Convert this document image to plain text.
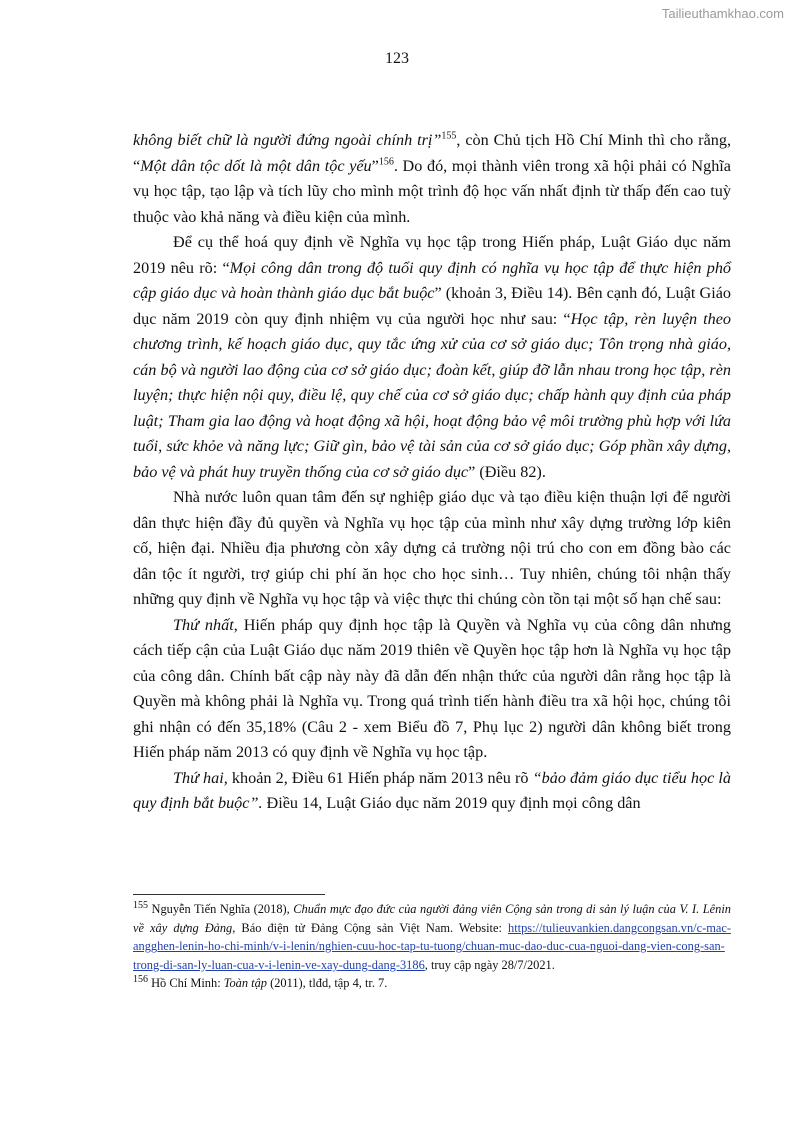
Tailieuthamkhao.com
123

không biết chữ là người đứng ngoài chính trị”$^{155}$, còn Chủ tịch Hồ Chí Minh thì cho rằng, “Một dân tộc dốt là một dân tộc yếu”$^{156}$. Do đó, mọi thành viên trong xã hội phải có Nghĩa vụ học tập, tạo lập và tích lũy cho mình một trình độ học vấn nhất định từ thấp đến cao tuỳ thuộc vào khả năng và điều kiện của mình.

Để cụ thể hoá quy định về Nghĩa vụ học tập trong Hiến pháp, Luật Giáo dục năm 2019 nêu rõ: “Mọi công dân trong độ tuổi quy định có nghĩa vụ học tập để thực hiện phổ cập giáo dục và hoàn thành giáo dục bắt buộc” (khoản 3, Điều 14). Bên cạnh đó, Luật Giáo dục năm 2019 còn quy định nhiệm vụ của người học như sau: “Học tập, rèn luyện theo chương trình, kế hoạch giáo dục, quy tắc ứng xử của cơ sở giáo dục; Tôn trọng nhà giáo, cán bộ và người lao động của cơ sở giáo dục; đoàn kết, giúp đỡ lẫn nhau trong học tập, rèn luyện; thực hiện nội quy, điều lệ, quy chế của cơ sở giáo dục; chấp hành quy định của pháp luật; Tham gia lao động và hoạt động xã hội, hoạt động bảo vệ môi trường phù hợp với lứa tuổi, sức khỏe và năng lực; Giữ gìn, bảo vệ tài sản của cơ sở giáo dục; Góp phần xây dựng, bảo vệ và phát huy truyền thống của cơ sở giáo dục” (Điều 82).

Nhà nước luôn quan tâm đến sự nghiệp giáo dục và tạo điều kiện thuận lợi để người dân thực hiện đầy đủ quyền và Nghĩa vụ học tập của mình như xây dựng trường lớp kiên cố, hiện đại. Nhiều địa phương còn xây dựng cả trường nội trú cho con em đồng bào các dân tộc ít người, trợ giúp chi phí ăn học cho học sinh… Tuy nhiên, chúng tôi nhận thấy những quy định về Nghĩa vụ học tập và việc thực thi chúng còn tồn tại một số hạn chế sau:

Thứ nhất, Hiến pháp quy định học tập là Quyền và Nghĩa vụ của công dân nhưng cách tiếp cận của Luật Giáo dục năm 2019 thiên về Quyền học tập hơn là Nghĩa vụ học tập của công dân. Chính bất cập này này đã dẫn đến nhận thức của người dân rằng học tập là Quyền mà không phải là Nghĩa vụ. Trong quá trình tiến hành điều tra xã hội học, chúng tôi ghi nhận có đến 35,18% (Câu 2 - xem Biểu đồ 7, Phụ lục 2) người dân không biết trong Hiến pháp năm 2013 có quy định về Nghĩa vụ học tập.

Thứ hai, khoản 2, Điều 61 Hiến pháp năm 2013 nêu rõ “bảo đảm giáo dục tiểu học là quy định bắt buộc”. Điều 14, Luật Giáo dục năm 2019 quy định mọi công dân

$^{155}$ Nguyễn Tiến Nghĩa (2018), Chuẩn mực đạo đức của người đảng viên Cộng sản trong di sản lý luận của V. I. Lênin về xây dựng Đảng, Báo điện tử Đảng Cộng sản Việt Nam. Website: https://tulieuvankien.dangcongsan.vn/c-mac-angghen-lenin-ho-chi-minh/v-i-lenin/nghien-cuu-hoc-tap-tu-tuong/chuan-muc-dao-duc-cua-nguoi-dang-vien-cong-san-trong-di-san-ly-luan-cua-v-i-lenin-ve-xay-dung-dang-3186, truy cập ngày 28/7/2021.

$^{156}$ Hồ Chí Minh: Toàn tập (2011), tlđd, tập 4, tr. 7.
